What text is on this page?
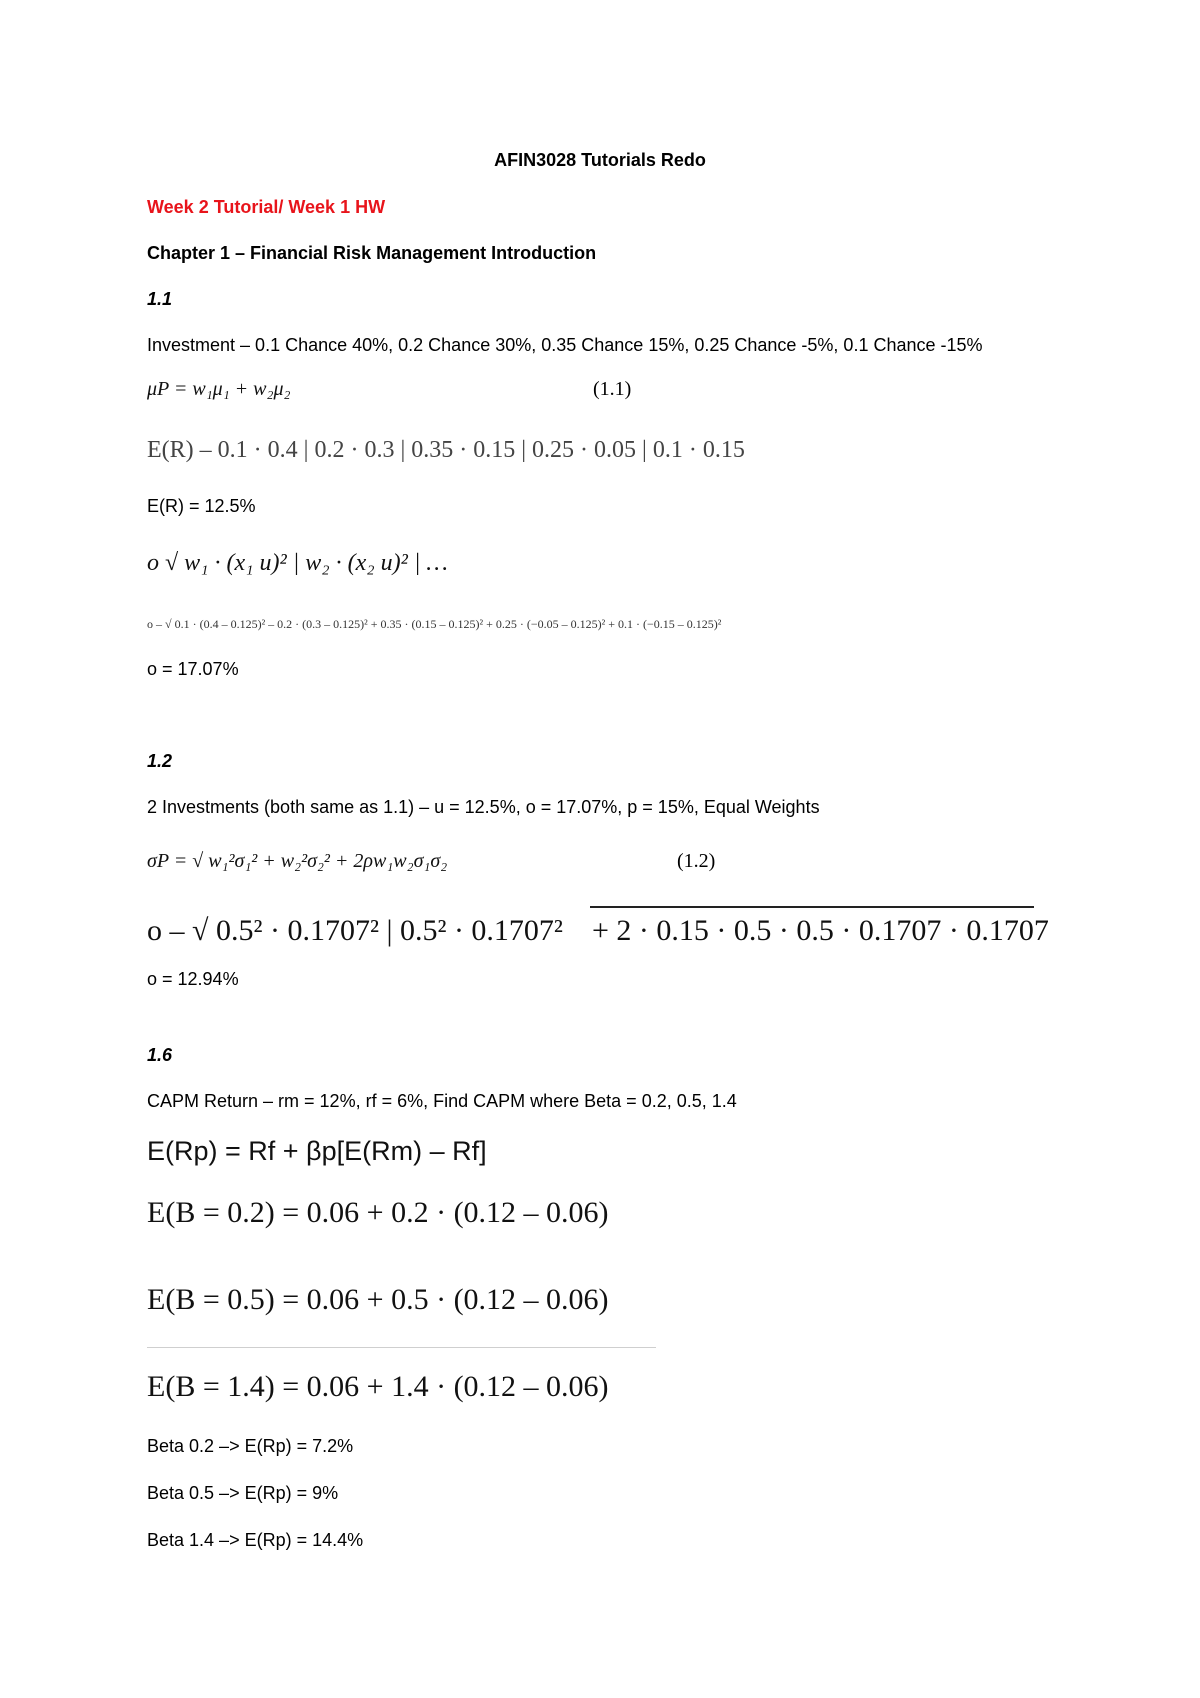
AFIN3028 Tutorials Redo
Week 2 Tutorial/ Week 1 HW
Chapter 1 – Financial Risk Management Introduction
1.1
Investment – 0.1 Chance 40%, 0.2 Chance 30%, 0.35 Chance 15%, 0.25 Chance -5%, 0.1 Chance -15%
μP = w₁μ₁ + w₂μ₂	(1.1)
E(R) – 0.1 · 0.4 | 0.2 · 0.3 | 0.35 · 0.15 | 0.25 · 0.05 | 0.1 · 0.15
E(R) = 12.5%
o √ w₁ · (x₁ u)² | w₂ · (x₂ u)² | …
o – √ 0.1 · (0.4 – 0.125)² – 0.2 · (0.3 – 0.125)² + 0.35 · (0.15 – 0.125)² + 0.25 · (−0.05 – 0.125)² + 0.1 · (−0.15 – 0.125)²
o = 17.07%
1.2
2 Investments (both same as 1.1) – u = 12.5%, o = 17.07%, p = 15%, Equal Weights
σP = √ w₁²σ₁² + w₂²σ₂² + 2ρw₁w₂σ₁σ₂	(1.2)
o – √ 0.5² · 0.1707² | 0.5² · 0.1707² + 2 · 0.15 · 0.5 · 0.5 · 0.1707 · 0.1707
o = 12.94%
1.6
CAPM Return – rm = 12%, rf = 6%, Find CAPM where Beta = 0.2, 0.5, 1.4
E(Rp) = Rf + βp[E(Rm) – Rf]
E(B = 0.2) = 0.06 + 0.2 · (0.12 – 0.06)
E(B = 0.5) = 0.06 + 0.5 · (0.12 – 0.06)
E(B = 1.4) = 0.06 + 1.4 · (0.12 – 0.06)
Beta 0.2 –> E(Rp) = 7.2%
Beta 0.5 –> E(Rp) = 9%
Beta 1.4 –> E(Rp) = 14.4%
